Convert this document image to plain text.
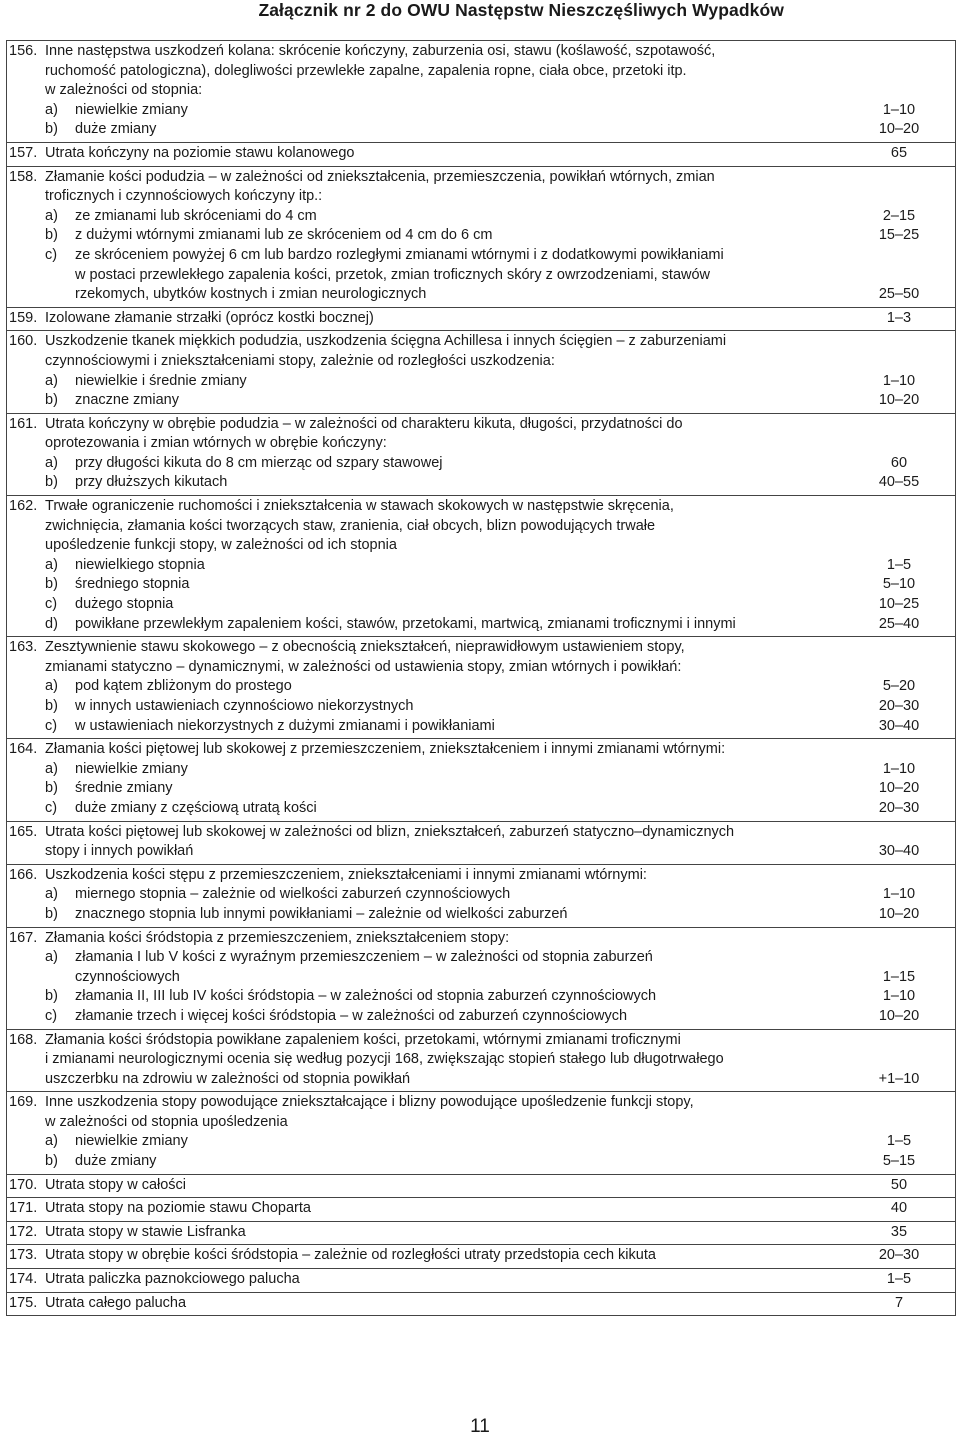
Załącznik nr 2 do OWU Następstw Nieszczęśliwych Wypadków
156. Inne następstwa uszkodzeń kolana: skrócenie kończyny, zaburzenia osi, stawu (koślawość, szpotawość,
ruchomość patologiczna), dolegliwości przewlekłe zapalne, zapalenia ropne, ciała obce, przetoki itp.
w zależności od stopnia:
a) niewielkie zmiany	1–10
b) duże zmiany	10–20
157. Utrata kończyny na poziomie stawu kolanowego	65
158. Złamanie kości podudzia – w zależności od zniekształcenia, przemieszczenia, powikłań wtórnych, zmian
troficznych i czynnościowych kończyny itp.:
a) ze zmianami lub skróceniami do 4 cm	2–15
b) z dużymi wtórnymi zmianami lub ze skróceniem od 4 cm do 6 cm	15–25
c) ze skróceniem powyżej 6 cm lub bardzo rozległymi zmianami wtórnymi i z dodatkowymi powikłaniami
w postaci przewlekłego zapalenia kości, przetok, zmian troficznych skóry z owrzodzeniami, stawów
rzekomych, ubytków kostnych i zmian neurologicznych	25–50
159. Izolowane złamanie strzałki (oprócz kostki bocznej)	1–3
160. Uszkodzenie tkanek miękkich podudzia, uszkodzenia ścięgna Achillesa i innych ścięgien – z zaburzeniami
czynnościowymi i zniekształceniami stopy, zależnie od rozległości uszkodzenia:
a) niewielkie i średnie zmiany	1–10
b) znaczne zmiany	10–20
161. Utrata kończyny w obrębie podudzia – w zależności od charakteru kikuta, długości, przydatności do
oprotezowania i zmian wtórnych w obrębie kończyny:
a) przy długości kikuta do 8 cm mierząc od szpary stawowej	60
b) przy dłuższych kikutach	40–55
162. Trwałe ograniczenie ruchomości i zniekształcenia w stawach skokowych w następstwie skręcenia,
zwichnięcia, złamania kości tworzących staw, zranienia, ciał obcych, blizn powodujących trwałe
upośledzenie funkcji stopy, w zależności od ich stopnia
a) niewielkiego stopnia	1–5
b) średniego stopnia	5–10
c) dużego stopnia	10–25
d) powikłane przewlekłym zapaleniem kości, stawów, przetokami, martwicą, zmianami troficznymi i innymi	25–40
163. Zesztywnienie stawu skokowego – z obecnością zniekształceń, nieprawidłowym ustawieniem stopy,
zmianami statyczno – dynamicznymi, w zależności od ustawienia stopy, zmian wtórnych i powikłań:
a) pod kątem zbliżonym do prostego	5–20
b) w innych ustawieniach czynnościowo niekorzystnych	20–30
c) w ustawieniach niekorzystnych z dużymi zmianami i powikłaniami	30–40
164. Złamania kości piętowej lub skokowej z przemieszczeniem, zniekształceniem i innymi zmianami wtórnymi:
a) niewielkie zmiany	1–10
b) średnie zmiany	10–20
c) duże zmiany z częściową utratą kości	20–30
165. Utrata kości piętowej lub skokowej w zależności od blizn, zniekształceń, zaburzeń statyczno–dynamicznych
stopy i innych powikłań	30–40
166. Uszkodzenia kości stępu z przemieszczeniem, zniekształceniami i innymi zmianami wtórnymi:
a) miernego stopnia – zależnie od wielkości zaburzeń czynnościowych	1–10
b) znacznego stopnia lub innymi powikłaniami – zależnie od wielkości zaburzeń	10–20
167. Złamania kości śródstopia z przemieszczeniem, zniekształceniem stopy:
a) złamania I lub V kości z wyraźnym przemieszczeniem – w zależności od stopnia zaburzeń
czynnościowych	1–15
b) złamania II, III lub IV kości śródstopia – w zależności od stopnia zaburzeń czynnościowych	1–10
c) złamanie trzech i więcej kości śródstopia – w zależności od zaburzeń czynnościowych	10–20
168. Złamania kości śródstopia powikłane zapaleniem kości, przetokami, wtórnymi zmianami troficznymi
i zmianami neurologicznymi ocenia się według pozycji 168, zwiększając stopień stałego lub długotrwałego
uszczerbku na zdrowiu w zależności od stopnia powikłań	+1–10
169. Inne uszkodzenia stopy powodujące zniekształcające i blizny powodujące upośledzenie funkcji stopy,
w zależności od stopnia upośledzenia
a) niewielkie zmiany	1–5
b) duże zmiany	5–15
170. Utrata stopy w całości	50
171. Utrata stopy na poziomie stawu Choparta	40
172. Utrata stopy w stawie Lisfranka	35
173. Utrata stopy w obrębie kości śródstopia – zależnie od rozległości utraty przedstopia cech kikuta	20–30
174. Utrata paliczka paznokciowego palucha	1–5
175. Utrata całego palucha	7
11
